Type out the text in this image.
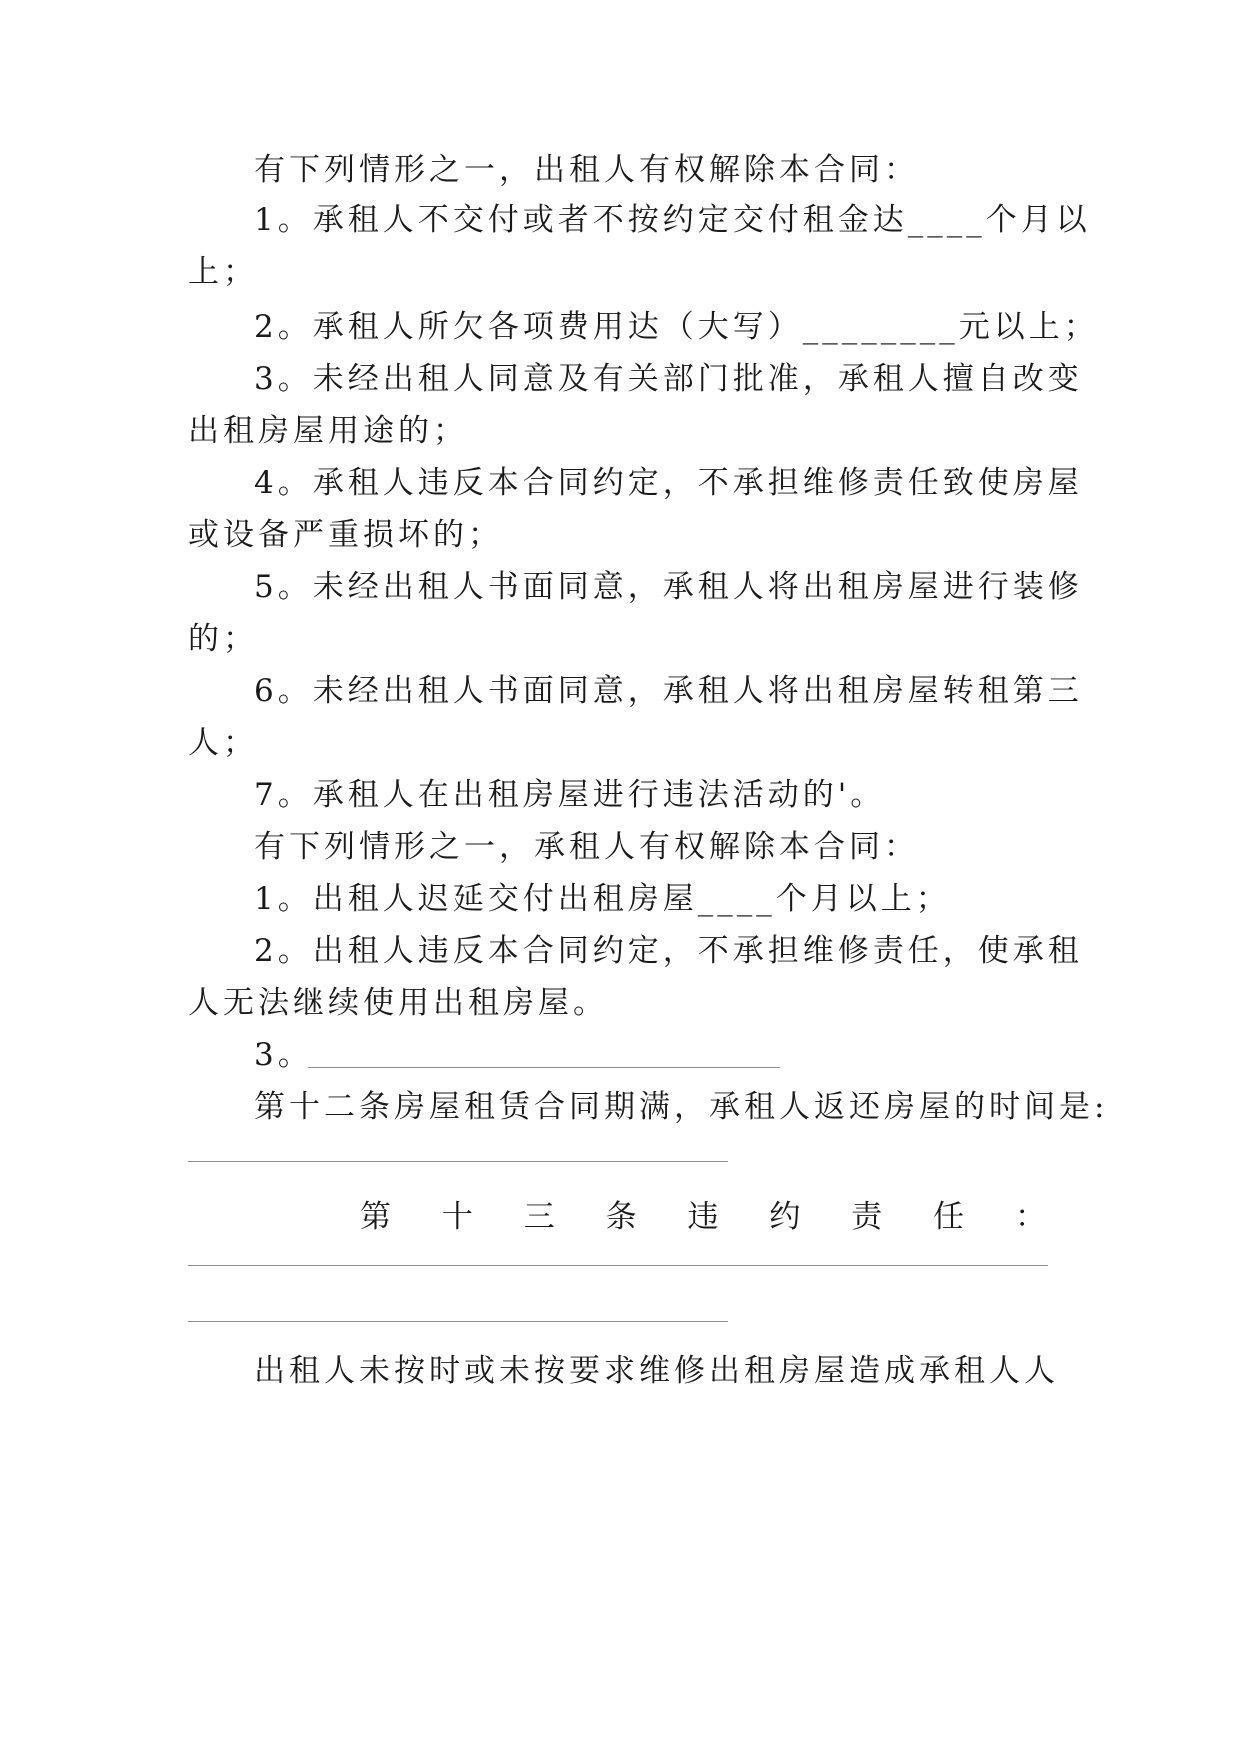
有下列情形之一，出租人有权解除本合同：

1。承租人不交付或者不按约定交付租金达____个月以

上；

2。承租人所欠各项费用达（大写）________元以上；

3。未经出租人同意及有关部门批准，承租人擅自改变

出租房屋用途的；

4。承租人违反本合同约定，不承担维修责任致使房屋

或设备严重损坏的；

5。未经出租人书面同意，承租人将出租房屋进行装修

的；

6。未经出租人书面同意，承租人将出租房屋转租第三

人；

7。承租人在出租房屋进行违法活动的'。

有下列情形之一，承租人有权解除本合同：

1。出租人迟延交付出租房屋____个月以上；

2。出租人违反本合同约定，不承担维修责任，使承租

人无法继续使用出租房屋。

3。

第十二条房屋租赁合同期满，承租人返还房屋的时间是:

第十三条违约责任：

出租人未按时或未按要求维修出租房屋造成承租人人
